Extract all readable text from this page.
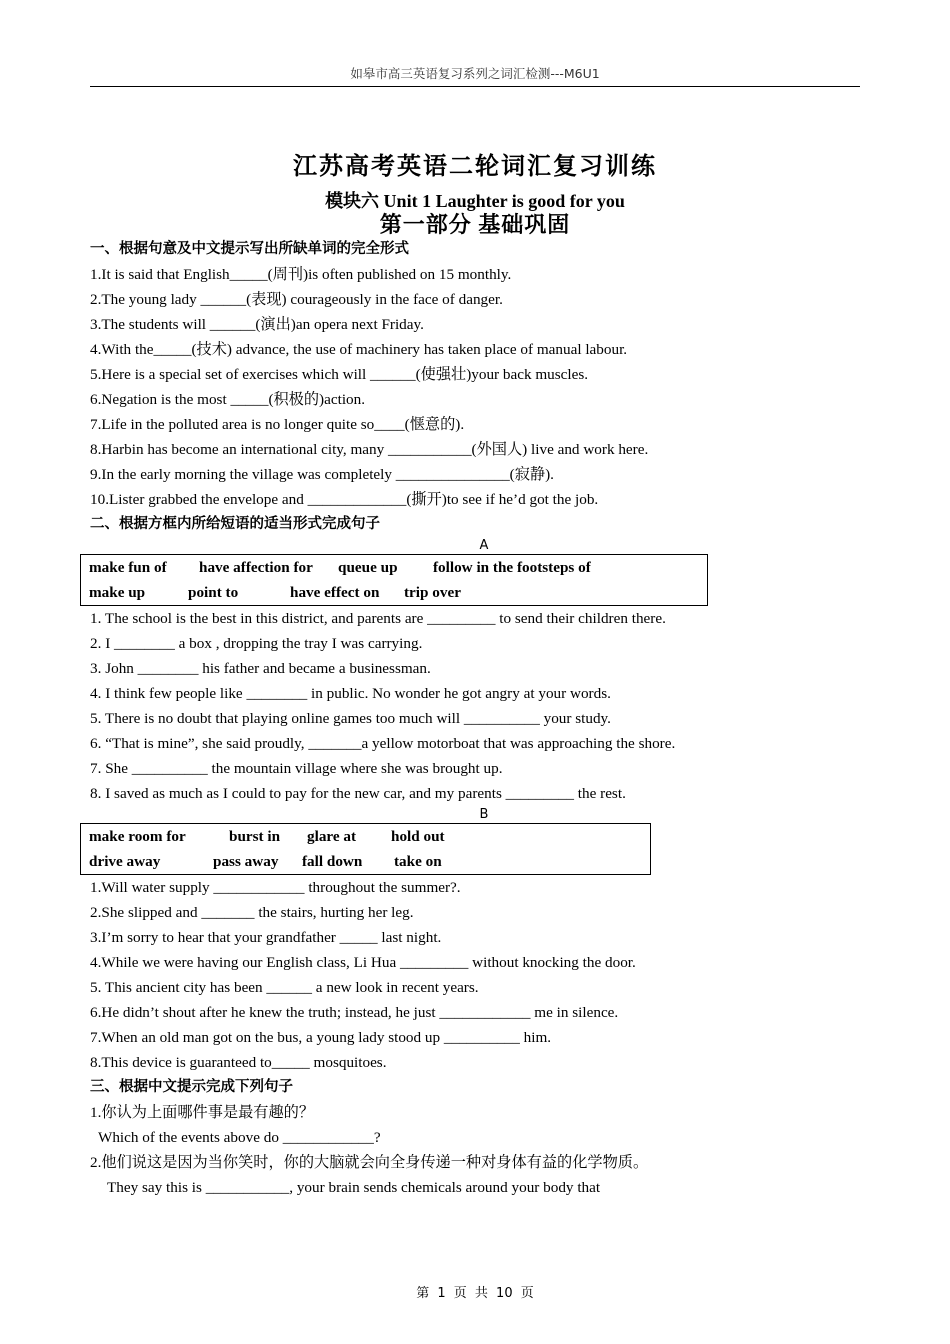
如皋市高三英语复习系列之词汇检测---M6U1
江苏高考英语二轮词汇复习训练
模块六 Unit 1 Laughter is good for you
第一部分 基础巩固
一、根据句意及中文提示写出所缺单词的完全形式
1.It is said that English_____(周刊)is often published on 15 monthly.
2.The young lady ______(表现) courageously in the face of danger.
3.The students will ______(演出)an opera next Friday.
4.With the_____(技术) advance, the use of machinery has taken place of manual labour.
5.Here is a special set of exercises which will ______(使强壮)your back muscles.
6.Negation is the most _____(积极的)action.
7.Life in the polluted area is no longer quite so____(惬意的).
8.Harbin has become an international city, many ___________(外国人) live and work here.
9.In the early morning the village was completely _______________(寂静).
10.Lister grabbed the envelope and _____________(撕开)to see if he’d got the job.
二、根据方框内所给短语的适当形式完成句子
A
make fun of have affection for queue up follow in the footsteps of
make up	point to	have effect on trip over
1. The school is the best in this district, and parents are _________ to send their children there.
2. I ________ a box , dropping the tray I was carrying.
3. John ________ his father and became a businessman.
4. I think few people like ________ in public. No wonder he got angry at your words.
5. There is no doubt that playing online games too much will __________ your study.
6. “That is mine”, she said proudly, _______a yellow motorboat that was approaching the shore.
7. She __________ the mountain village where she was brought up.
8. I saved as much as I could to pay for the new car, and my parents _________ the rest.
B
make room for	burst in glare at hold out
drive away	pass away fall down take on
1.Will water supply ____________ throughout the summer?.
2.She slipped and _______ the stairs, hurting her leg.
3.I’m sorry to hear that your grandfather _____ last night.
4.While we were having our English class, Li Hua _________ without knocking the door.
5. This ancient city has been ______ a new look in recent years.
6.He didn’t shout after he knew the truth; instead, he just ____________ me in silence.
7.When an old man got on the bus, a young lady stood up __________ him.
8.This device is guaranteed to_____ mosquitoes.
三、根据中文提示完成下列句子
1.你认为上面哪件事是最有趣的？
Which of the events above do ____________?
2.他们说这是因为当你笑时，你的大脑就会向全身传递一种对身体有益的化学物质。
They say this is ___________, your brain sends chemicals around your body that
第 1 页 共 10 页
